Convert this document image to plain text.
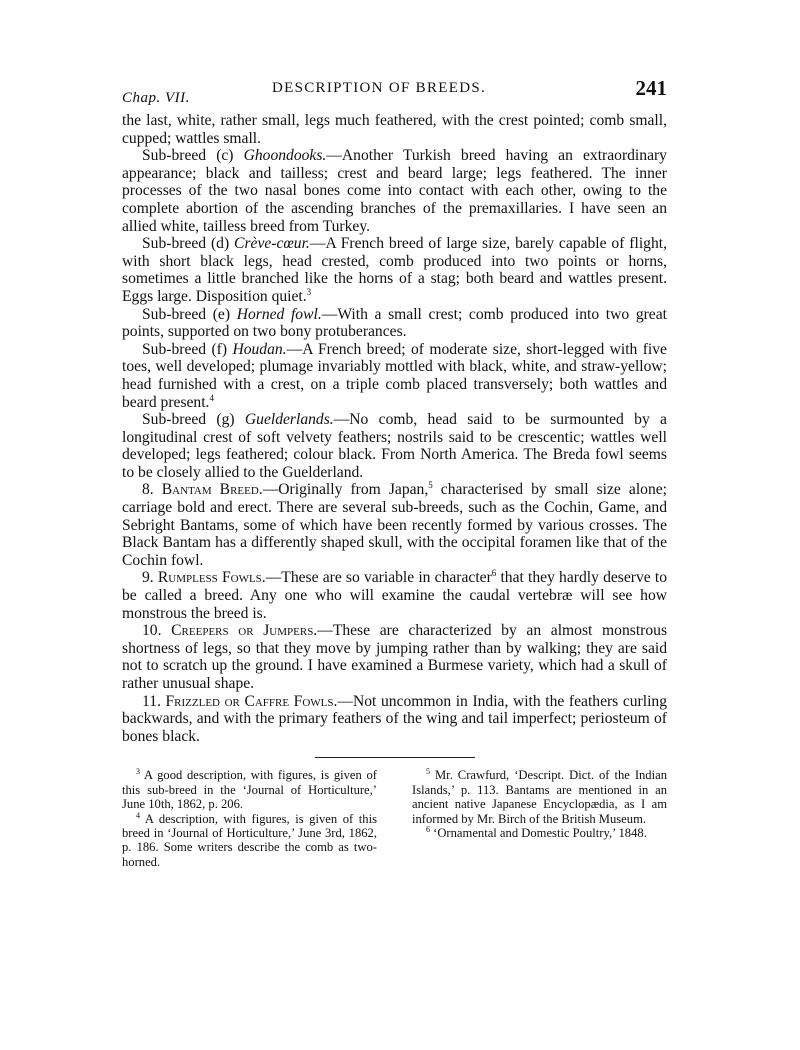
Chap. VII.
DESCRIPTION OF BREEDS.	241

the last, white, rather small, legs much feathered, with the crest pointed; comb small, cupped; wattles small.

Sub-breed (c) Ghoondooks.—Another Turkish breed having an extraordinary appearance; black and tailless; crest and beard large; legs feathered. The inner processes of the two nasal bones come into contact with each other, owing to the complete abortion of the ascending branches of the premaxillaries. I have seen an allied white, tailless breed from Turkey.

Sub-breed (d) Crève-cœur.—A French breed of large size, barely capable of flight, with short black legs, head crested, comb produced into two points or horns, sometimes a little branched like the horns of a stag; both beard and wattles present. Eggs large. Disposition quiet.$^3$

Sub-breed (e) Horned fowl.—With a small crest; comb produced into two great points, supported on two bony protuberances.

Sub-breed (f) Houdan.—A French breed; of moderate size, short-legged with five toes, well developed; plumage invariably mottled with black, white, and straw-yellow; head furnished with a crest, on a triple comb placed transversely; both wattles and beard present.$^4$

Sub-breed (g) Guelderlands.—No comb, head said to be surmounted by a longitudinal crest of soft velvety feathers; nostrils said to be crescentic; wattles well developed; legs feathered; colour black. From North America. The Breda fowl seems to be closely allied to the Guelderland.

8. Bantam Breed.—Originally from Japan,$^5$ characterised by small size alone; carriage bold and erect. There are several sub-breeds, such as the Cochin, Game, and Sebright Bantams, some of which have been recently formed by various crosses. The Black Bantam has a differently shaped skull, with the occipital foramen like that of the Cochin fowl.

9. Rumpless Fowls.—These are so variable in character$^6$ that they hardly deserve to be called a breed. Any one who will examine the caudal vertebræ will see how monstrous the breed is.

10. Creepers or Jumpers.—These are characterized by an almost monstrous shortness of legs, so that they move by jumping rather than by walking; they are said not to scratch up the ground. I have examined a Burmese variety, which had a skull of rather unusual shape.

11. Frizzled or Caffre Fowls.—Not uncommon in India, with the feathers curling backwards, and with the primary feathers of the wing and tail imperfect; periosteum of bones black.

$^3$ A good description, with figures, is given of this sub-breed in the ‘Journal of Horticulture,’ June 10th, 1862, p. 206.

$^4$ A description, with figures, is given of this breed in ‘Journal of Horticulture,’ June 3rd, 1862, p. 186. Some writers describe the comb as two-horned.

$^5$ Mr. Crawfurd, ‘Descript. Dict. of the Indian Islands,’ p. 113. Bantams are mentioned in an ancient native Japanese Encyclopædia, as I am informed by Mr. Birch of the British Museum.

$^6$ ‘Ornamental and Domestic Poultry,’ 1848.
